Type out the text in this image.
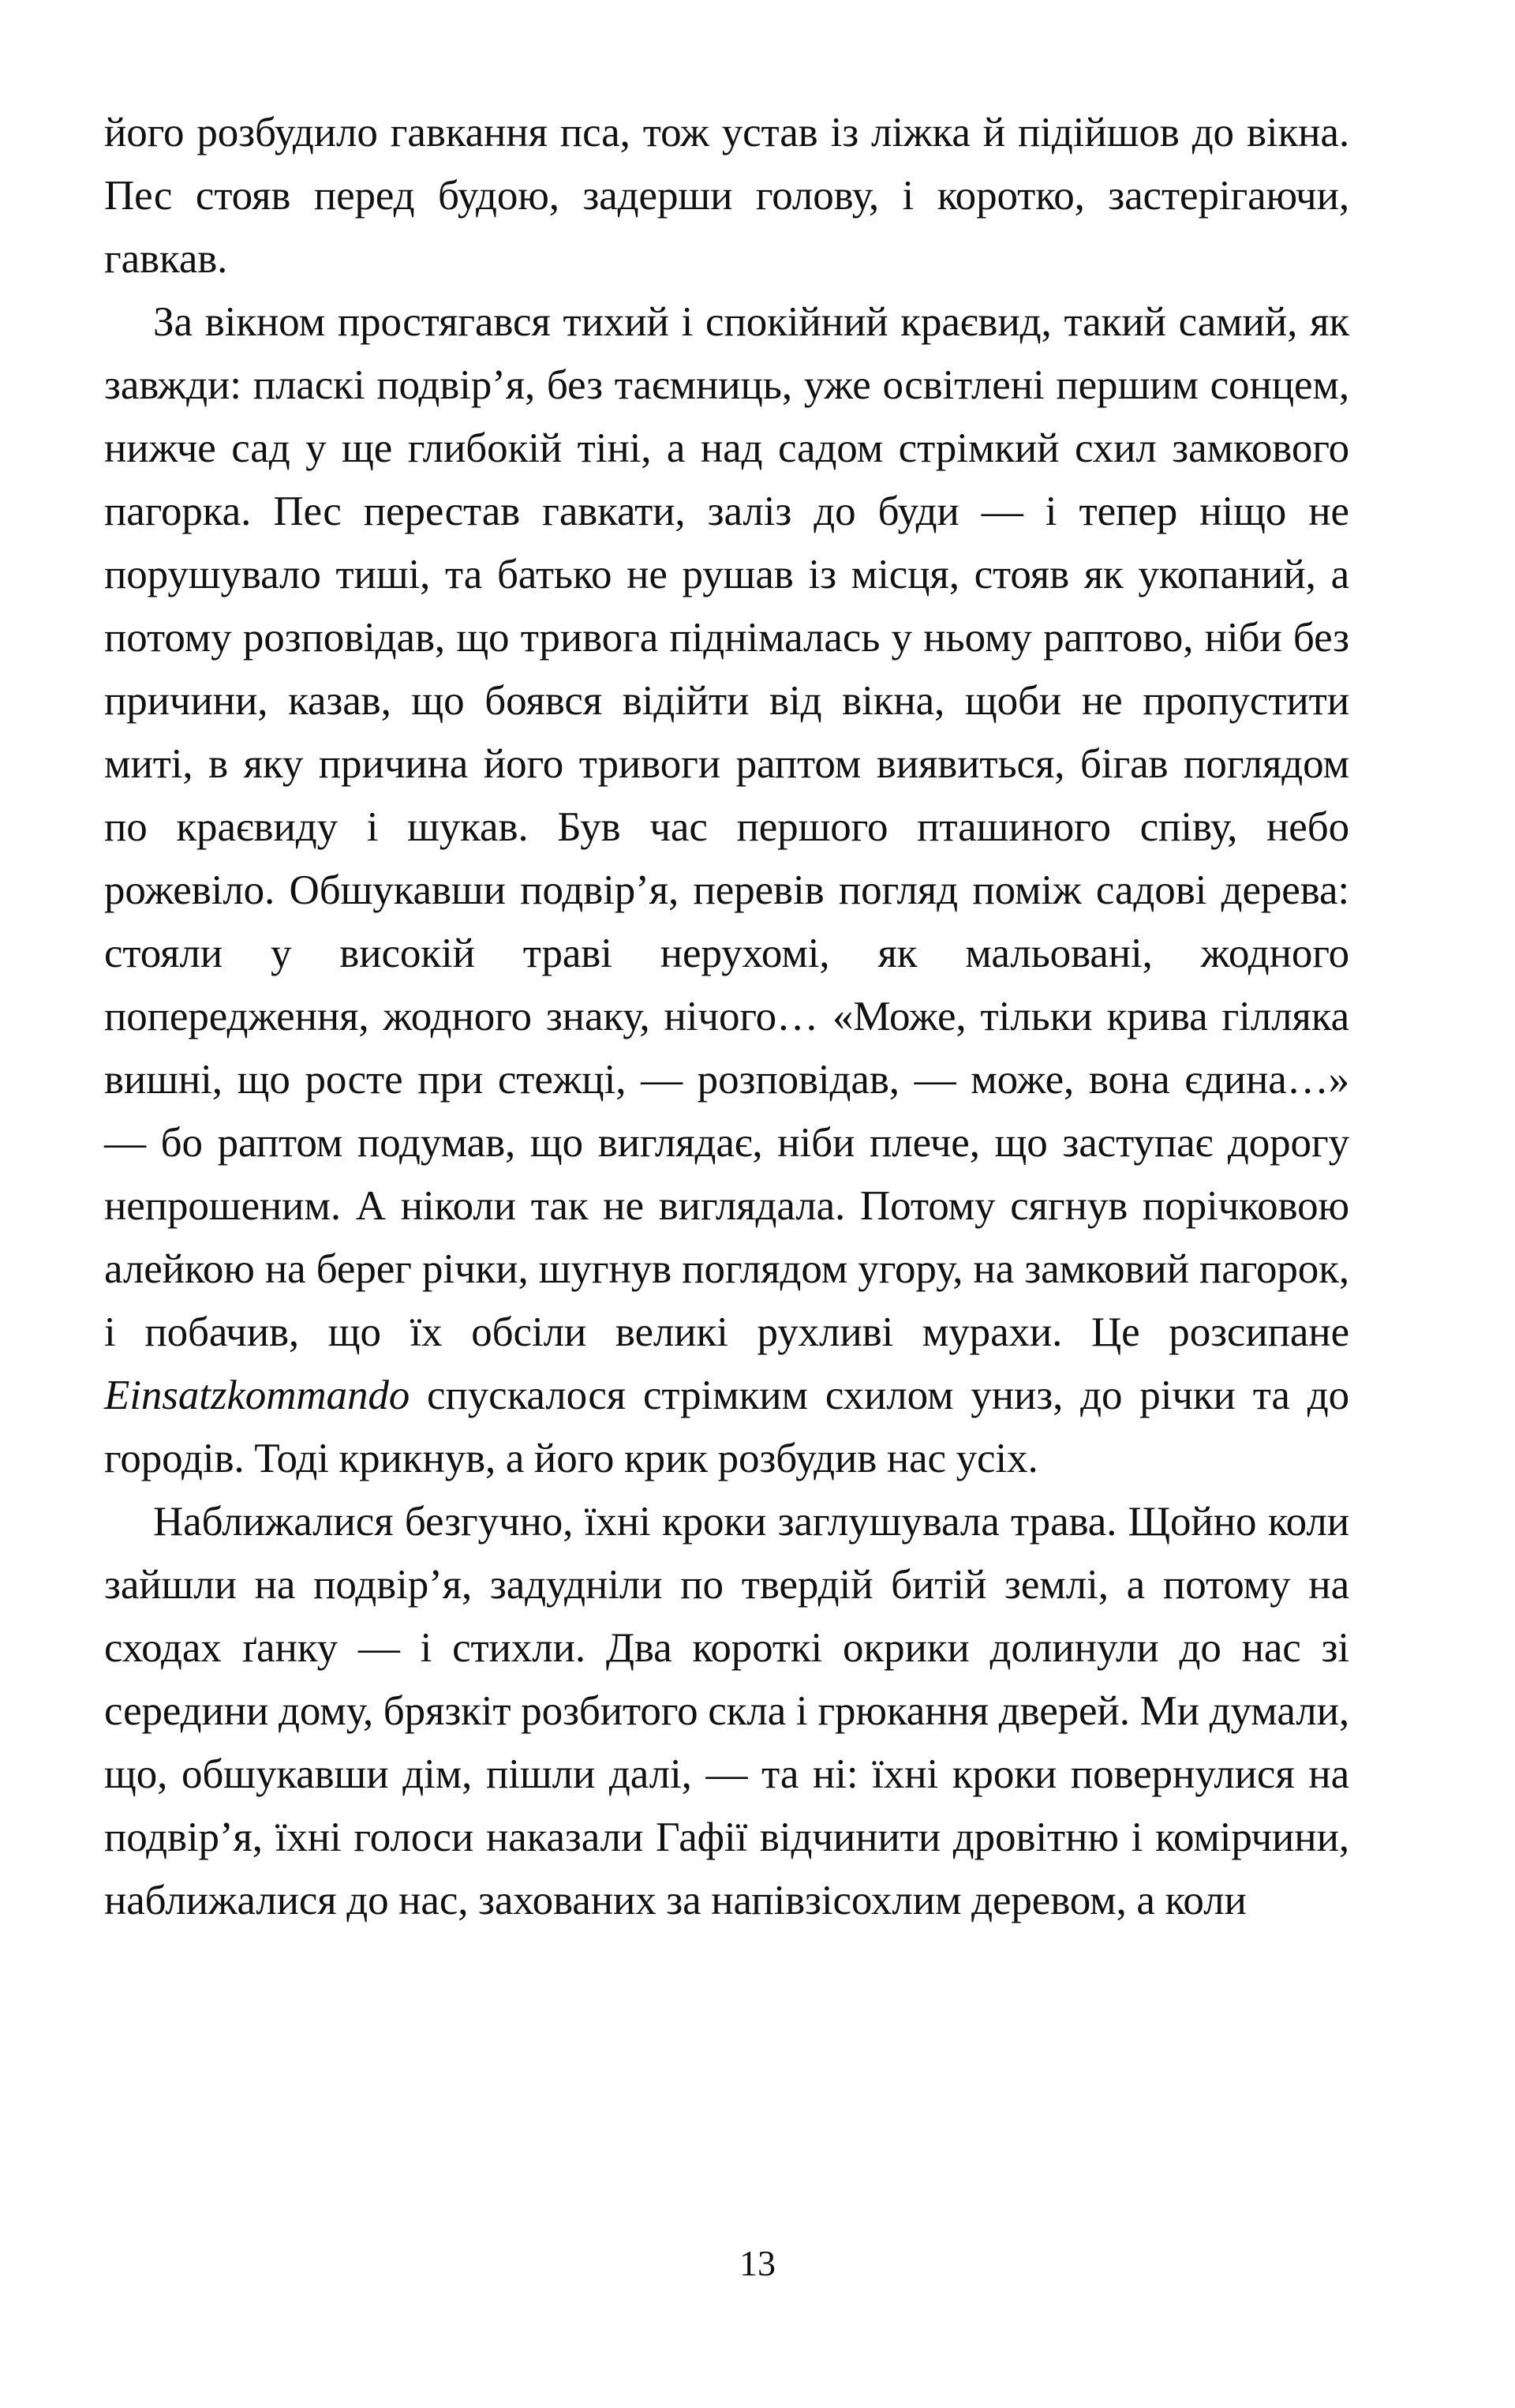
його розбудило гавкання пса, тож устав із ліжка й підійшов до вікна. Пес стояв перед будою, задерши голову, і коротко, застерігаючи, гавкав.

За вікном простягався тихий і спокійний краєвид, такий самий, як завжди: пласкі подвір’я, без таємниць, уже освітлені першим сонцем, нижче сад у ще глибокій тіні, а над садом стрімкий схил замкового пагорка. Пес перестав гавкати, заліз до буди — і тепер ніщо не порушувало тиші, та батько не рушав із місця, стояв як укопаний, а потому розповідав, що тривога піднімалась у ньому раптово, ніби без причини, казав, що боявся відійти від вікна, щоби не пропустити миті, в яку причина його тривоги раптом виявиться, бігав поглядом по краєвиду і шукав. Був час першого пташиного співу, небо рожевіло. Обшукавши подвір’я, перевів погляд поміж садові дерева: стояли у високій траві нерухомі, як мальовані, жодного попередження, жодного знаку, нічого… «Може, тільки крива гілляка вишні, що росте при стежці, — розповідав, — може, вона єдина…» — бо раптом подумав, що виглядає, ніби плече, що заступає дорогу непрошеним. А ніколи так не виглядала. Потому сягнув порічковою алейкою на берег річки, шугнув поглядом угору, на замковий пагорок, і побачив, що їх обсіли великі рухливі мурахи. Це розсипане Einsatzkommando спускалося стрімким схилом униз, до річки та до городів. Тоді крикнув, а його крик розбудив нас усіх.

Наближалися безгучно, їхні кроки заглушувала трава. Щойно коли зайшли на подвір’я, задудніли по твердій битій землі, а потому на сходах ґанку — і стихли. Два короткі окрики долинули до нас зі середини дому, брязкіт розбитого скла і грюкання дверей. Ми думали, що, обшукавши дім, пішли далі, — та ні: їхні кроки повернулися на подвір’я, їхні голоси наказали Гафії відчинити дровітню і комірчини, наближалися до нас, захованих за напівзісохлим деревом, а коли

13
